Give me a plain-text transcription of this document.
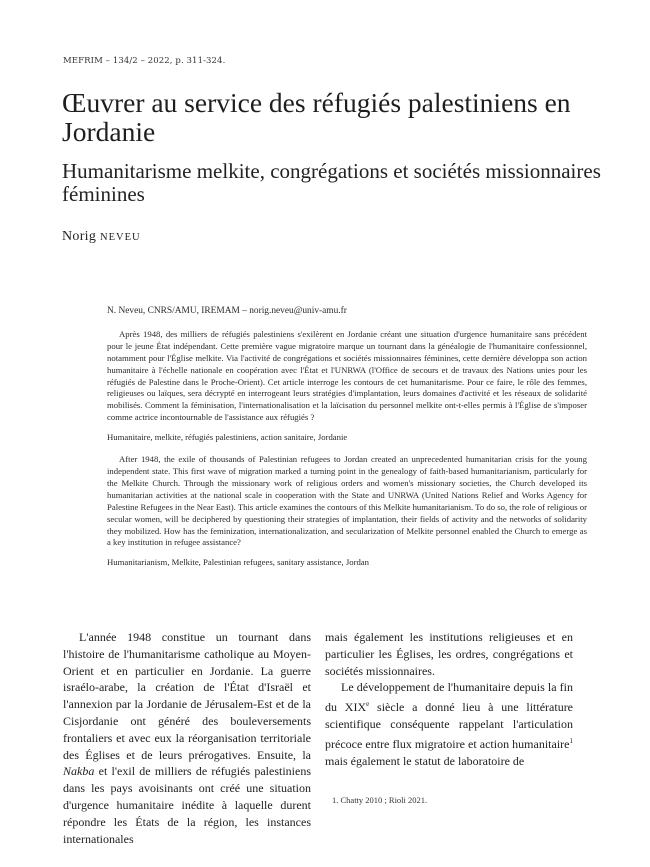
MEFRIM – 134/2 – 2022, p. 311-324.
Œuvrer au service des réfugiés palestiniens en Jordanie
Humanitarisme melkite, congrégations et sociétés missionnaires féminines
Norig NEVEU

N. Neveu, CNRS/AMU, IREMAM – norig.neveu@univ-amu.fr

Après 1948, des milliers de réfugiés palestiniens s'exilèrent en Jordanie créant une situation d'urgence humanitaire sans précédent pour le jeune État indépendant. Cette première vague migratoire marque un tournant dans la généalogie de l'humanitaire confessionnel, notamment pour l'Église melkite. Via l'activité de congrégations et sociétés missionnaires féminines, cette dernière développa son action humanitaire à l'échelle nationale en coopération avec l'État et l'UNRWA (l'Office de secours et de travaux des Nations unies pour les réfugiés de Palestine dans le Proche-Orient). Cet article interroge les contours de cet humanitarisme. Pour ce faire, le rôle des femmes, religieuses ou laïques, sera décrypté en interrogeant leurs stratégies d'implantation, leurs domaines d'activité et les réseaux de solidarité mobilisés. Comment la féminisation, l'internationalisation et la laïcisation du personnel melkite ont-t-elles permis à l'Église de s'imposer comme actrice incontournable de l'assistance aux réfugiés ?

Humanitaire, melkite, réfugiés palestiniens, action sanitaire, Jordanie

After 1948, the exile of thousands of Palestinian refugees to Jordan created an unprecedented humanitarian crisis for the young independent state. This first wave of migration marked a turning point in the genealogy of faith-based humanitarianism, particularly for the Melkite Church. Through the missionary work of religious orders and women's missionary societies, the Church developed its humanitarian activities at the national scale in cooperation with the State and UNRWA (United Nations Relief and Works Agency for Palestine Refugees in the Near East). This article examines the contours of this Melkite humanitarianism. To do so, the role of religious or secular women, will be deciphered by questioning their strategies of implantation, their fields of activity and the networks of solidarity they mobilized. How has the feminization, internationalization, and secularization of Melkite personnel enabled the Church to emerge as a key institution in refugee assistance?

Humanitarianism, Melkite, Palestinian refugees, sanitary assistance, Jordan

L'année 1948 constitue un tournant dans l'histoire de l'humanitarisme catholique au Moyen-Orient et en particulier en Jordanie. La guerre israélo-arabe, la création de l'État d'Israël et l'annexion par la Jordanie de Jérusalem-Est et de la Cisjordanie ont généré des bouleversements frontaliers et avec eux la réorganisation territoriale des Églises et de leurs prérogatives. Ensuite, la Nakba et l'exil de milliers de réfugiés palestiniens dans les pays avoisinants ont créé une situation d'urgence humanitaire inédite à laquelle durent répondre les États de la région, les instances internationales

mais également les institutions religieuses et en particulier les Églises, les ordres, congrégations et sociétés missionnaires.

Le développement de l'humanitaire depuis la fin du XIXe siècle a donné lieu à une littérature scientifique conséquente rappelant l'articulation précoce entre flux migratoire et action humanitaire$^1$ mais également le statut de laboratoire de

1. Chatty 2010 ; Rioli 2021.
